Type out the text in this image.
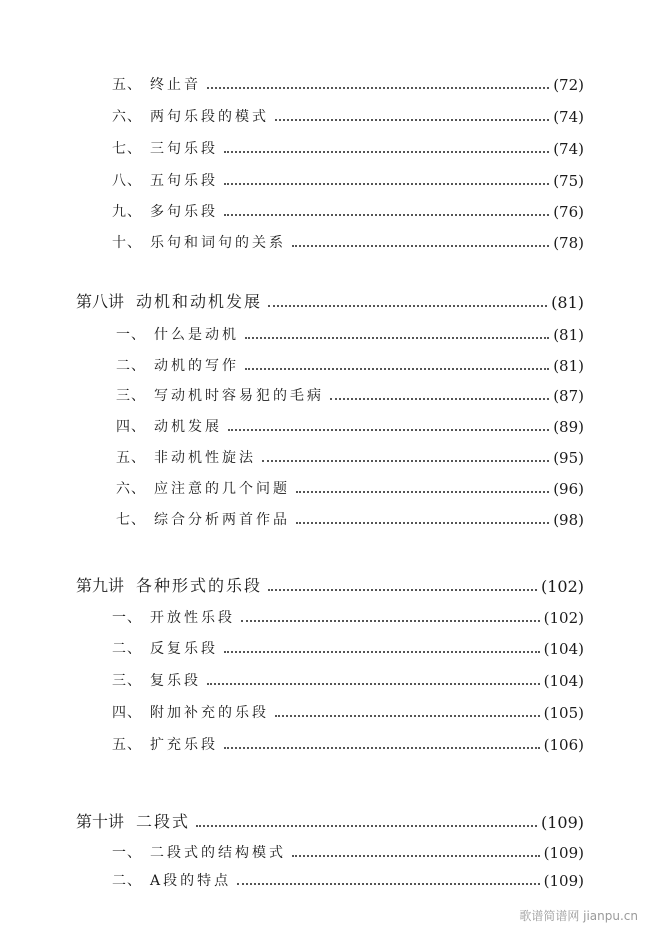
五、 终止音	(72)
六、 两句乐段的模式	(74)
七、 三句乐段	(74)
八、 五句乐段	(75)
九、 多句乐段	(76)
十、 乐句和词句的关系	(78)
第八讲 动机和动机发展	(81)
一、 什么是动机	(81)
二、 动机的写作	(81)
三、 写动机时容易犯的毛病	(87)
四、 动机发展	(89)
五、 非动机性旋法	(95)
六、 应注意的几个问题	(96)
七、 综合分析两首作品	(98)
第九讲 各种形式的乐段	(102)
一、 开放性乐段	(102)
二、 反复乐段	(104)
三、 复乐段	(104)
四、 附加补充的乐段	(105)
五、 扩充乐段	(106)
第十讲 二段式	(109)
一、 二段式的结构模式	(109)
二、 A段的特点	(109)
歌谱简谱网 jianpu.cn
